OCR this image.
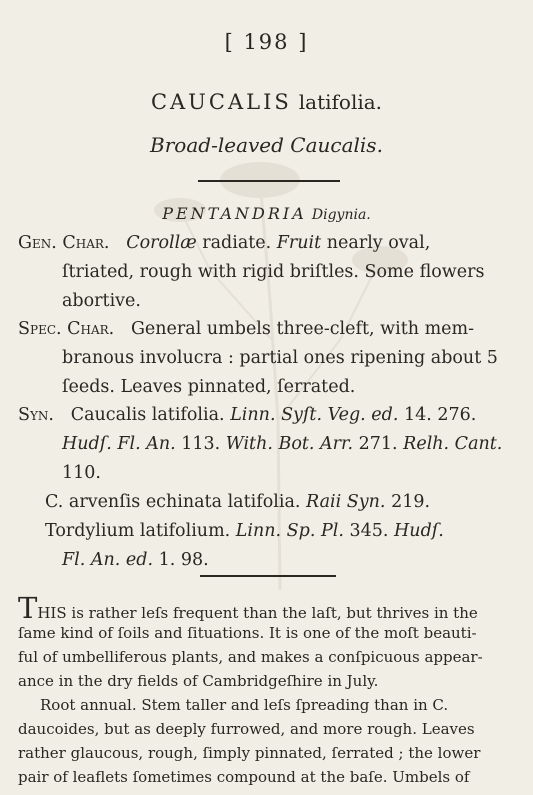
[ 198 ]
CAUCALIS latifolia.
Broad-leaved Caucalis.
PENTANDRIA Digynia.
Gen. Char. Corollæ radiate. Fruit nearly oval,
ſtriated, rough with rigid briſtles. Some flowers
abortive.
Spec. Char. General umbels three-cleft, with mem-
branous involucra : partial ones ripening about 5
ſeeds. Leaves pinnated, ſerrated.
Syn. Caucalis latifolia. Linn. Syſt. Veg. ed. 14. 276.
Hudſ. Fl. An. 113. With. Bot. Arr. 271. Relh. Cant.
110.
C. arvenſis echinata latifolia. Raii Syn. 219.
Tordylium latifolium. Linn. Sp. Pl. 345. Hudſ.
Fl. An. ed. 1. 98.
THIS is rather leſs frequent than the laſt, but thrives in the
ſame kind of ſoils and ſituations. It is one of the moſt beauti-
ful of umbelliferous plants, and makes a conſpicuous appear-
ance in the dry fields of Cambridgeſhire in July.
Root annual. Stem taller and leſs ſpreading than in C.
daucoides, but as deeply furrowed, and more rough. Leaves
rather glaucous, rough, ſimply pinnated, ſerrated ; the lower
pair of leaflets ſometimes compound at the baſe. Umbels of
